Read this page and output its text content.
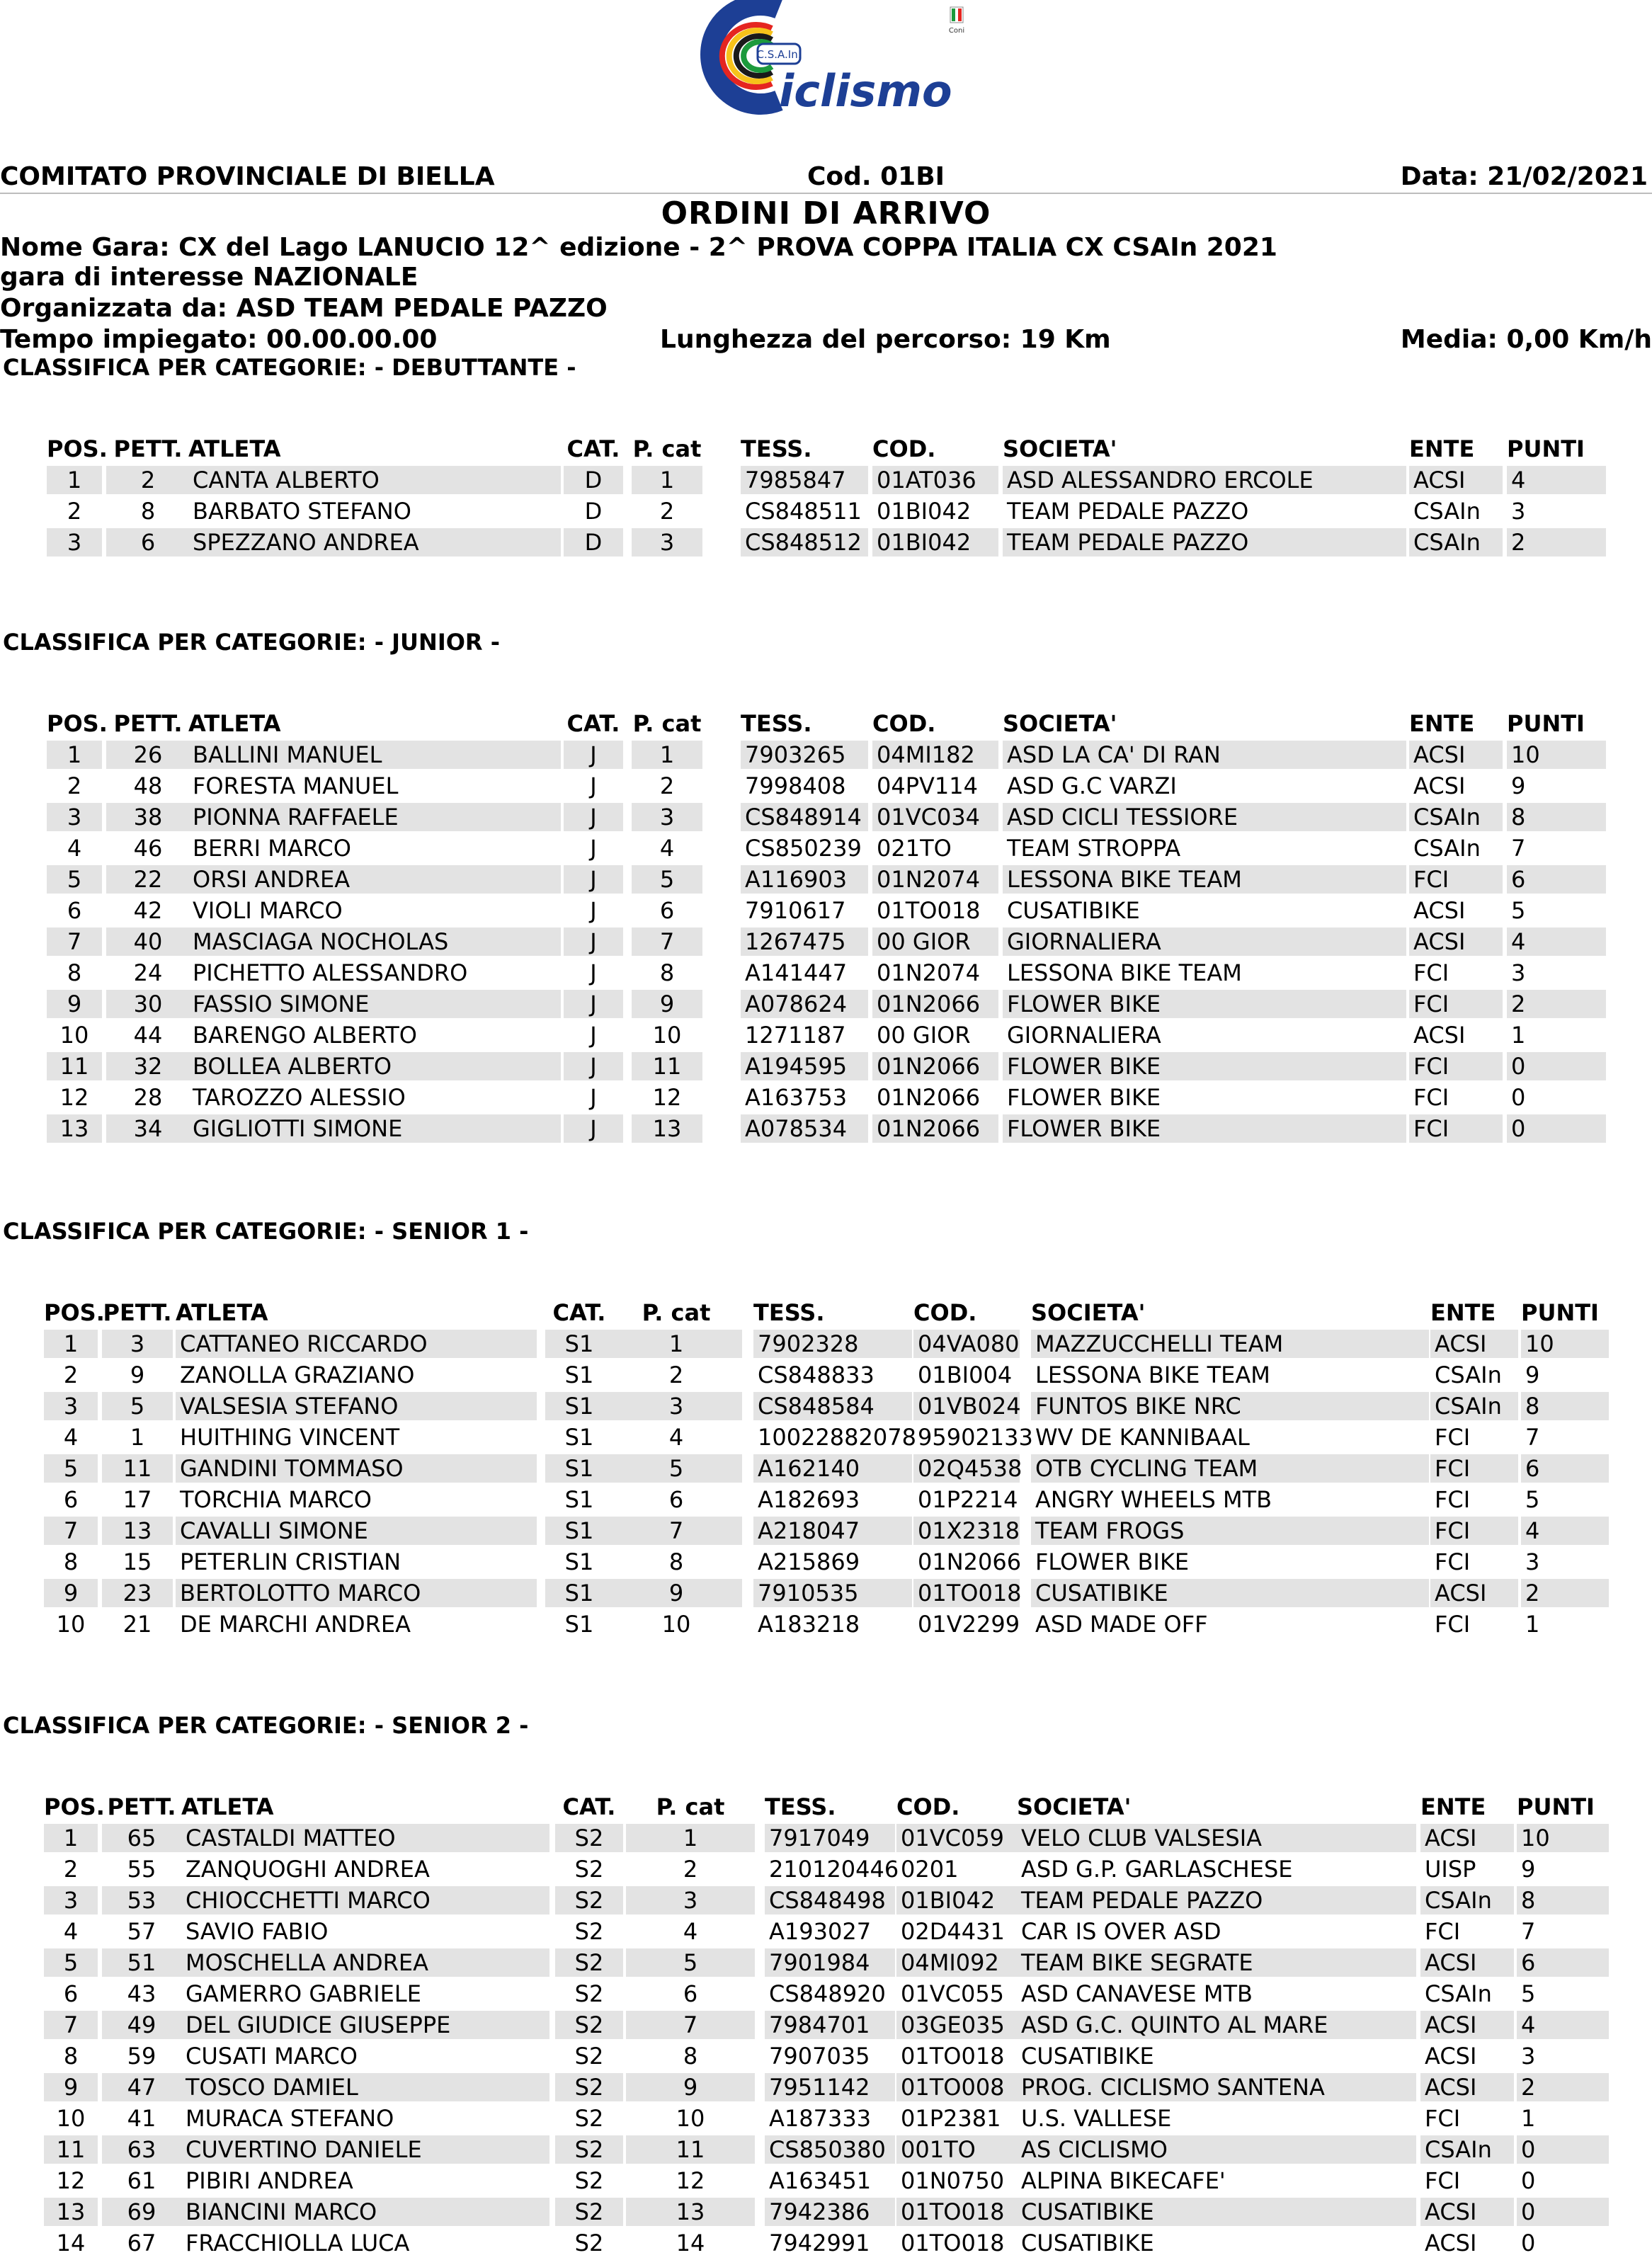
C.S.A.In.
iclismo
Coni
COMITATO PROVINCIALE DI BIELLA	Cod. 01BI	Data: 21/02/2021
ORDINI DI ARRIVO
Nome Gara: CX del Lago LANUCIO 12^ edizione - 2^ PROVA COPPA ITALIA CX CSAIn 2021
gara di interesse NAZIONALE
Organizzata da: ASD TEAM PEDALE PAZZO
Tempo impiegato: 00.00.00.00	Lunghezza del percorso: 19 Km	Media: 0,00 Km/h
CLASSIFICA PER CATEGORIE: - DEBUTTANTE -
POS. PETT. ATLETA	CAT. P. cat TESS.	COD.	SOCIETA'	ENTE	PUNTI
1	2	CANTA ALBERTO	D	1	7985847	01AT036	ASD ALESSANDRO ERCOLE	ACSI	4
2	8	BARBATO STEFANO	D	2	CS848511 01BI042	TEAM PEDALE PAZZO	CSAIn	3
3	6	SPEZZANO ANDREA	D	3	CS848512 01BI042	TEAM PEDALE PAZZO	CSAIn	2
CLASSIFICA PER CATEGORIE: - JUNIOR -
POS. PETT. ATLETA	CAT. P. cat TESS.	COD.	SOCIETA'	ENTE	PUNTI
1	26	BALLINI MANUEL	J	1	7903265	04MI182	ASD LA CA' DI RAN	ACSI	10
2	48	FORESTA MANUEL	J	2	7998408	04PV114	ASD G.C VARZI	ACSI	9
3	38	PIONNA RAFFAELE	J	3	CS848914 01VC034	ASD CICLI TESSIORE	CSAIn	8
4	46	BERRI MARCO	J	4	CS850239 021TO	TEAM STROPPA	CSAIn	7
5	22	ORSI ANDREA	J	5	A116903	01N2074	LESSONA BIKE TEAM	FCI	6
6	42	VIOLI MARCO	J	6	7910617	01TO018	CUSATIBIKE	ACSI	5
7	40	MASCIAGA NOCHOLAS	J	7	1267475	00 GIOR	GIORNALIERA	ACSI	4
8	24	PICHETTO ALESSANDRO	J	8	A141447	01N2074	LESSONA BIKE TEAM	FCI	3
9	30	FASSIO SIMONE	J	9	A078624	01N2066	FLOWER BIKE	FCI	2
10	44	BARENGO ALBERTO	J	10	1271187	00 GIOR	GIORNALIERA	ACSI	1
11	32	BOLLEA ALBERTO	J	11	A194595	01N2066	FLOWER BIKE	FCI	0
12	28	TAROZZO ALESSIO	J	12	A163753	01N2066	FLOWER BIKE	FCI	0
13	34	GIGLIOTTI SIMONE	J	13	A078534	01N2066	FLOWER BIKE	FCI	0
CLASSIFICA PER CATEGORIE: - SENIOR 1 -
POS.
PETT. ATLETA	CAT.	P. cat	TESS.	COD.	SOCIETA'	ENTE	PUNTI
1	3	CATTANEO RICCARDO	S1	1	7902328	04VA080 MAZZUCCHELLI TEAM	ACSI	10
2	9	ZANOLLA GRAZIANO	S1	2	CS848833	01BI004	LESSONA BIKE TEAM	CSAIn	9
3	5	VALSESIA STEFANO	S1	3	CS848584	01VB024 FUNTOS BIKE NRC	CSAIn	8
4	1	HUITHING VINCENT	S1	4	10022882078 95902133 WV DE KANNIBAAL	FCI	7
5	11	GANDINI TOMMASO	S1	5	A162140	02Q4538 OTB CYCLING TEAM	FCI	6
6	17	TORCHIA MARCO	S1	6	A182693	01P2214 ANGRY WHEELS MTB	FCI	5
7	13	CAVALLI SIMONE	S1	7	A218047	01X2318 TEAM FROGS	FCI	4
8	15	PETERLIN CRISTIAN	S1	8	A215869	01N2066 FLOWER BIKE	FCI	3
9	23	BERTOLOTTO MARCO	S1	9	7910535	01TO018 CUSATIBIKE	ACSI	2
10	21	DE MARCHI ANDREA	S1	10	A183218	01V2299 ASD MADE OFF	FCI	1
CLASSIFICA PER CATEGORIE: - SENIOR 2 -
POS. PETT. ATLETA	CAT.	P. cat	TESS.	COD.	SOCIETA'	ENTE	PUNTI
1	65	CASTALDI MATTEO	S2	1	7917049	01VC059 VELO CLUB VALSESIA	ACSI	10
2	55	ZANQUOGHI ANDREA	S2	2	210120446 0201	ASD G.P. GARLASCHESE	UISP	9
3	53	CHIOCCHETTI MARCO	S2	3	CS848498 01BI042	TEAM PEDALE PAZZO	CSAIn	8
4	57	SAVIO FABIO	S2	4	A193027	02D4431 CAR IS OVER ASD	FCI	7
5	51	MOSCHELLA ANDREA	S2	5	7901984	04MI092 TEAM BIKE SEGRATE	ACSI	6
6	43	GAMERRO GABRIELE	S2	6	CS848920 01VC055 ASD CANAVESE MTB	CSAIn	5
7	49	DEL GIUDICE GIUSEPPE	S2	7	7984701	03GE035 ASD G.C. QUINTO AL MARE	ACSI	4
8	59	CUSATI MARCO	S2	8	7907035	01TO018 CUSATIBIKE	ACSI	3
9	47	TOSCO DAMIEL	S2	9	7951142	01TO008 PROG. CICLISMO SANTENA	ACSI	2
10	41	MURACA STEFANO	S2	10	A187333	01P2381 U.S. VALLESE	FCI	1
11	63	CUVERTINO DANIELE	S2	11	CS850380 001TO	AS CICLISMO	CSAIn	0
12	61	PIBIRI ANDREA	S2	12	A163451	01N0750 ALPINA BIKECAFE'	FCI	0
13	69	BIANCINI MARCO	S2	13	7942386	01TO018 CUSATIBIKE	ACSI	0
14	67	FRACCHIOLLA LUCA	S2	14	7942991	01TO018 CUSATIBIKE	ACSI	0
